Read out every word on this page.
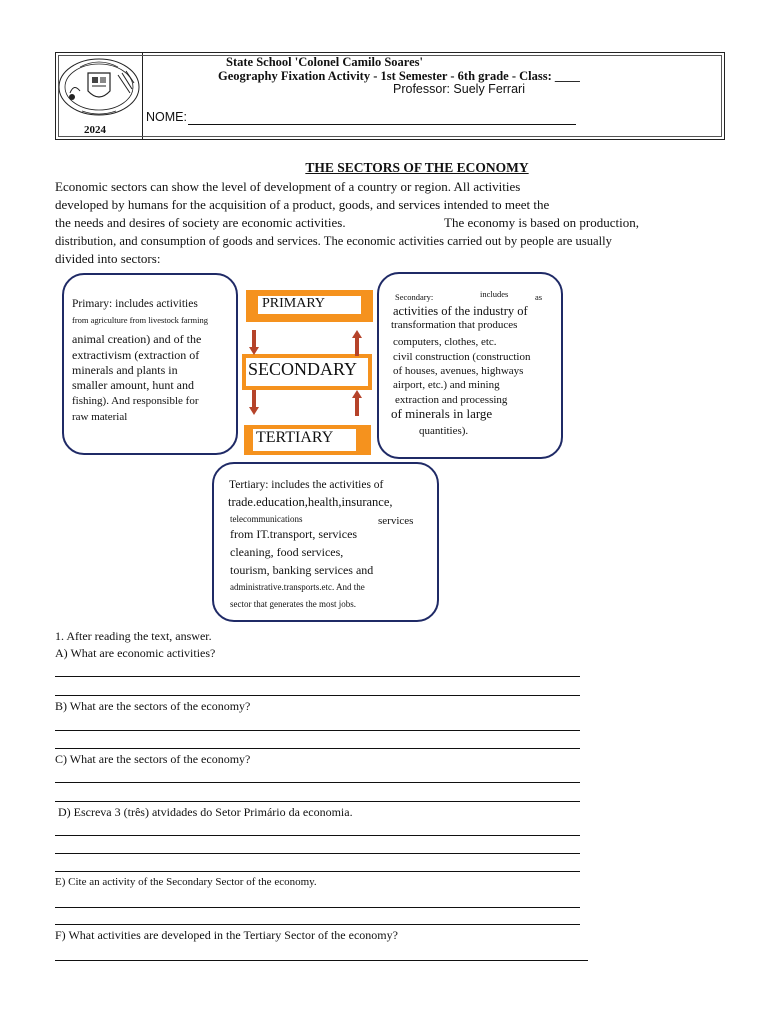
2024
State School 'Colonel Camilo Soares'
Geography Fixation Activity - 1st Semester - 6th grade - Class: ____
Professor: Suely Ferrari
NOME:
THE SECTORS OF THE ECONOMY
Economic sectors can show the level of development of a country or region. All activities
developed by humans for the acquisition of a product, goods, and services intended to meet the
the needs and desires of society are economic activities.	The economy is based on production,
distribution, and consumption of goods and services. The economic activities carried out by people are usually
divided into sectors:
Primary: includes activities
from agriculture from livestock farming
animal creation) and of the
extractivism (extraction of
minerals and plants in
smaller amount, hunt and
fishing). And responsible for
raw material
PRIMARY
SECONDARY
TERTIARY
Secondary:	includes	as
activities of the industry of
transformation that produces
computers, clothes, etc.
civil construction (construction
of houses, avenues, highways
airport, etc.) and mining
extraction and processing
of minerals in large
quantities).
Tertiary: includes the activities of
trade.education,health,insurance,
telecommunications	services
from IT.transport, services
cleaning, food services,
tourism, banking services and
administrative.transports.etc. And the
sector that generates the most jobs.
1. After reading the text, answer.
A) What are economic activities?
B) What are the sectors of the economy?
C) What are the sectors of the economy?
D) Escreva 3 (três) atvidades do Setor Primário da economia.
E) Cite an activity of the Secondary Sector of the economy.
F) What activities are developed in the Tertiary Sector of the economy?
